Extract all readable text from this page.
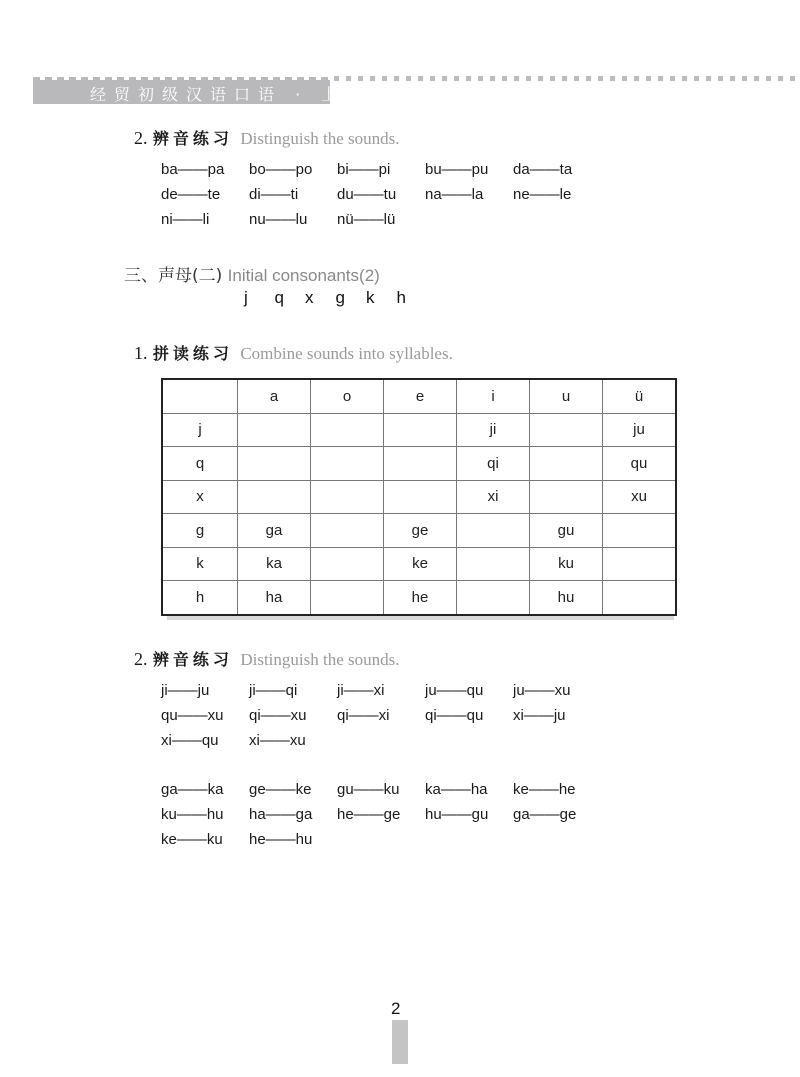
经贸初级汉语口语 · 上
2. 辨音练习 Distinguish the sounds.
ba——pa	bo——po	bi——pi	bu——pu	da——ta
de——te	di——ti	du——tu	na——la	ne——le
ni——li	nu——lu	nü——lü
三、声母(二) Initial consonants(2)
j q x g k h
1. 拼读练习 Combine sounds into syllables.
	a	o	e	i	u	ü
j				ji		ju
q				qi		qu
x				xi		xu
g	ga		ge		gu	
k	ka		ke		ku	
h	ha		he		hu	
2. 辨音练习 Distinguish the sounds.
ji——ju	ji——qi	ji——xi	ju——qu	ju——xu
qu——xu	qi——xu	qi——xi	qi——qu	xi——ju
xi——qu	xi——xu
ga——ka	ge——ke	gu——ku	ka——ha	ke——he
ku——hu	ha——ga	he——ge	hu——gu	ga——ge
ke——ku	he——hu
2
